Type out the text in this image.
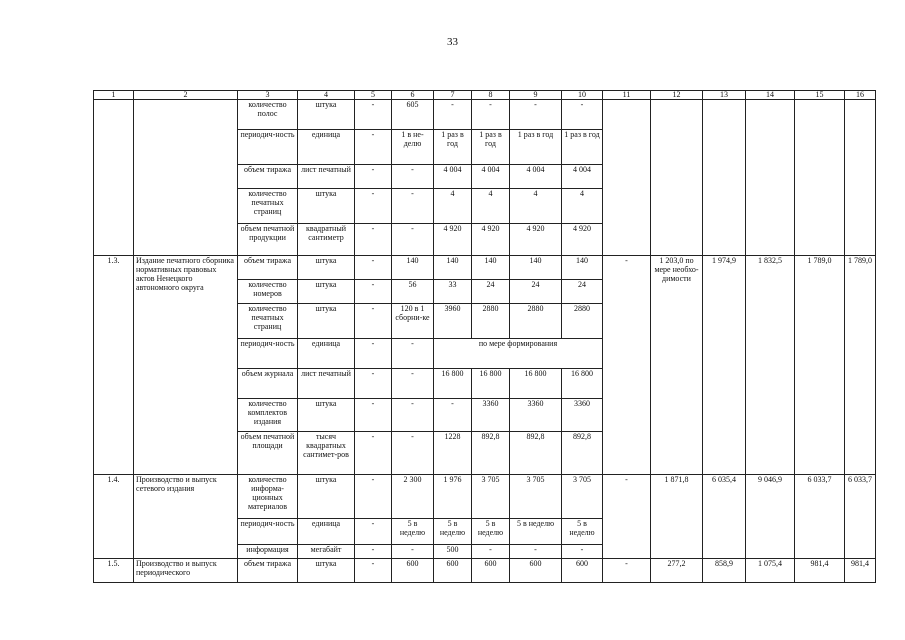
33
1	2	3	4	5	6	7	8	9	10	11	12	13	14	15	16
		количество полос	штука	-	605	-	-	-	-						
		периодич-ность	единица	-	1 в не-делю	1 раз в год	1 раз в год	1 раз в год	1 раз в год						
		объем тиража	лист печатный	-	-	4 004	4 004	4 004	4 004						
		количество печатных страниц	штука	-	-	4	4	4	4						
		объем печатной продукции	квадратный сантиметр	-	-	4 920	4 920	4 920	4 920						
1.3.	Издание печатного сборника нормативных правовых актов Ненецкого автономного округа	объем тиража	штука	-	140	140	140	140	140	-	1 203,0 по мере необхо-димости	1 974,9	1 832,5	1 789,0	1 789,0
		количество номеров	штука	-	56	33	24	24	24						
		количество печатных страниц	штука	-	120 в 1 сборни-ке	3960	2880	2880	2880						
		периодич-ность	единица	-	-	по мере формирования									
		объем журнала	лист печатный	-	-	16 800	16 800	16 800	16 800						
		количество комплектов издания	штука	-	-	-	3360	3360	3360						
		объем печатной площади	тысяч квадратных сантимет-ров	-	-	1228	892,8	892,8	892,8						
1.4.	Производство и выпуск сетевого издания	количество информа-ционных материалов	штука	-	2 300	1 976	3 705	3 705	3 705	-	1 871,8	6 035,4	9 046,9	6 033,7	6 033,7
		периодич-ность	единица	-	5 в неделю	5 в неделю	5 в неделю	5 в неделю	5 в неделю						
		информация	мегабайт	-	-	500	-	-	-						
1.5.	Производство и выпуск периодического	объем тиража	штука	-	600	600	600	600	600	-	277,2	858,9	1 075,4	981,4	981,4
